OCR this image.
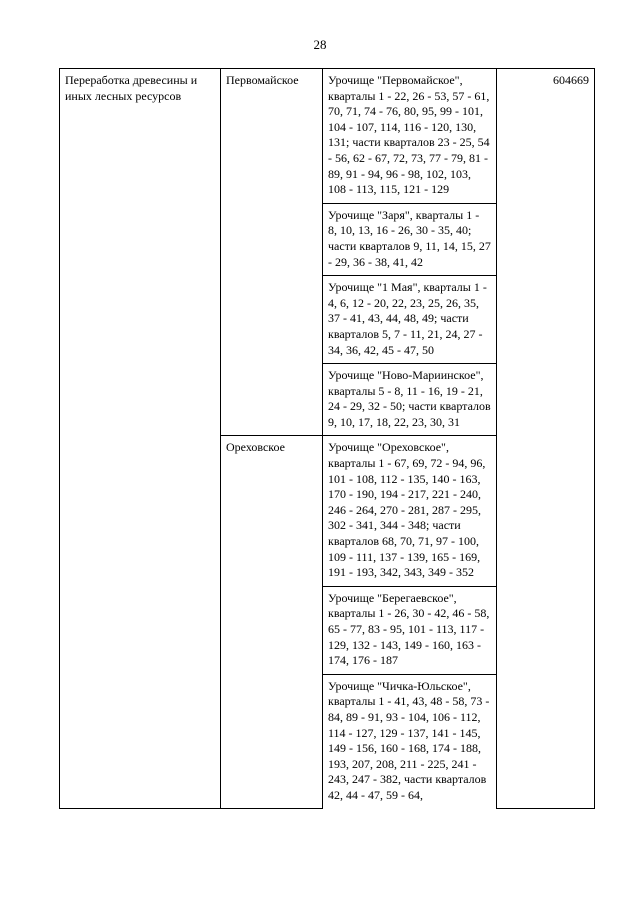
28
Переработка древесины и иных лесных ресурсов	Первомайское	Урочище "Первомайское", кварталы 1 - 22, 26 - 53, 57 - 61, 70, 71, 74 - 76, 80, 95, 99 - 101, 104 - 107, 114, 116 - 120, 130, 131; части кварталов 23 - 25, 54 - 56, 62 - 67, 72, 73, 77 - 79, 81 - 89, 91 - 94, 96 - 98, 102, 103, 108 - 113, 115, 121 - 129	604669
		Урочище "Заря", кварталы 1 - 8, 10, 13, 16 - 26, 30 - 35, 40; части кварталов 9, 11, 14, 15, 27 - 29, 36 - 38, 41, 42	
		Урочище "1 Мая", кварталы 1 - 4, 6, 12 - 20, 22, 23, 25, 26, 35, 37 - 41, 43, 44, 48, 49; части кварталов 5, 7 - 11, 21, 24, 27 - 34, 36, 42, 45 - 47, 50	
		Урочище "Ново-Мариинское", кварталы 5 - 8, 11 - 16, 19 - 21, 24 - 29, 32 - 50; части кварталов 9, 10, 17, 18, 22, 23, 30, 31	
	Ореховское	Урочище "Ореховское", кварталы 1 - 67, 69, 72 - 94, 96, 101 - 108, 112 - 135, 140 - 163, 170 - 190, 194 - 217, 221 - 240, 246 - 264, 270 - 281, 287 - 295, 302 - 341, 344 - 348; части кварталов 68, 70, 71, 97 - 100, 109 - 111, 137 - 139, 165 - 169, 191 - 193, 342, 343, 349 - 352	
		Урочище "Берегаевское", кварталы 1 - 26, 30 - 42, 46 - 58, 65 - 77, 83 - 95, 101 - 113, 117 - 129, 132 - 143, 149 - 160, 163 - 174, 176 - 187	
		Урочище "Чичка-Юльское", кварталы 1 - 41, 43, 48 - 58, 73 - 84, 89 - 91, 93 - 104, 106 - 112, 114 - 127, 129 - 137, 141 - 145, 149 - 156, 160 - 168, 174 - 188, 193, 207, 208, 211 - 225, 241 - 243, 247 - 382, части кварталов 42, 44 - 47, 59 - 64,	
